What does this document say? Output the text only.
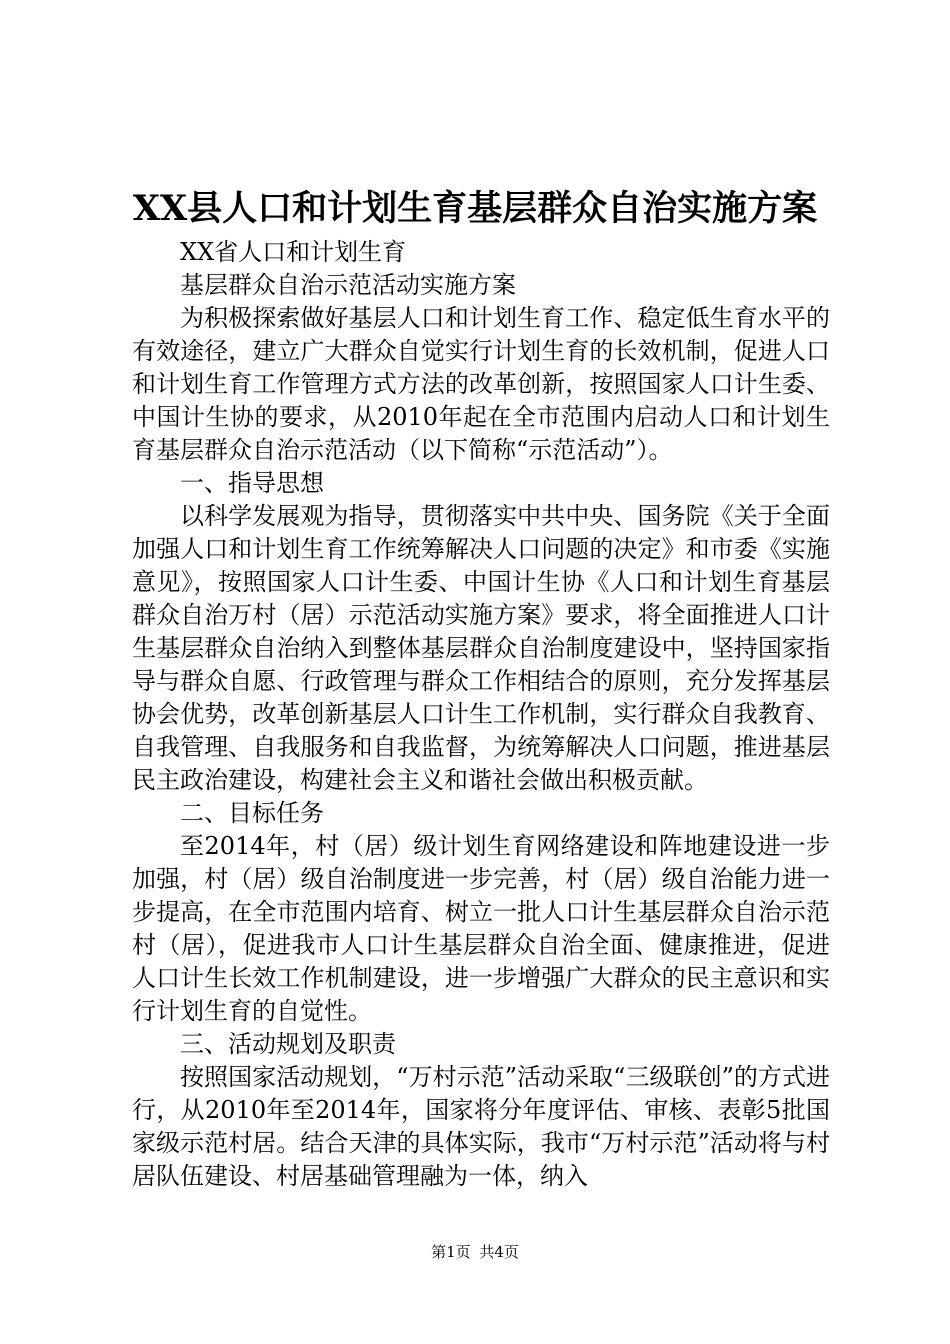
XX县人口和计划生育基层群众自治实施方案

XX省人口和计划生育

基层群众自治示范活动实施方案

为积极探索做好基层人口和计划生育工作、稳定低生育水平的有效途径，建立广大群众自觉实行计划生育的长效机制，促进人口和计划生育工作管理方式方法的改革创新，按照国家人口计生委、中国计生协的要求，从2010年起在全市范围内启动人口和计划生育基层群众自治示范活动（以下简称“示范活动”）。

一、指导思想

以科学发展观为指导，贯彻落实中共中央、国务院《关于全面加强人口和计划生育工作统筹解决人口问题的决定》和市委《实施意见》，按照国家人口计生委、中国计生协《人口和计划生育基层群众自治万村（居）示范活动实施方案》要求，将全面推进人口计生基层群众自治纳入到整体基层群众自治制度建设中，坚持国家指导与群众自愿、行政管理与群众工作相结合的原则，充分发挥基层协会优势，改革创新基层人口计生工作机制，实行群众自我教育、自我管理、自我服务和自我监督，为统筹解决人口问题，推进基层民主政治建设，构建社会主义和谐社会做出积极贡献。

二、目标任务

至2014年，村（居）级计划生育网络建设和阵地建设进一步加强，村（居）级自治制度进一步完善，村（居）级自治能力进一步提高，在全市范围内培育、树立一批人口计生基层群众自治示范村（居），促进我市人口计生基层群众自治全面、健康推进，促进人口计生长效工作机制建设，进一步增强广大群众的民主意识和实行计划生育的自觉性。

三、活动规划及职责

按照国家活动规划，“万村示范”活动采取“三级联创”的方式进行，从2010年至2014年，国家将分年度评估、审核、表彰5批国家级示范村居。结合天津的具体实际，我市“万村示范”活动将与村居队伍建设、村居基础管理融为一体，纳入

第1页 共4页
